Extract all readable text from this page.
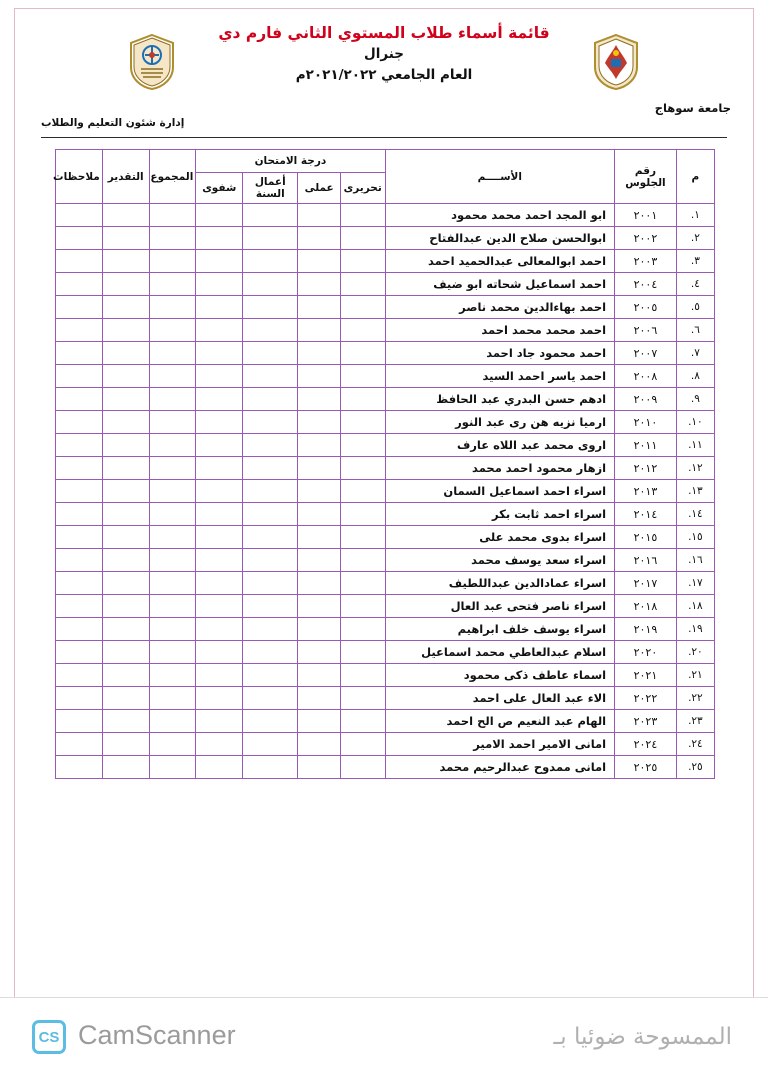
قائمة أسماء طلاب المستوي الثاني فارم دي
جنرال
العام الجامعي ٢٠٢١/٢٠٢٢م
جامعة سوهاج
إدارة شئون التعليم والطلاب
م	رقم الجلوس	الأســــم	درجة الامتحان				المجموع	التقدير	ملاحظات
			تحريرى	عملى	أعمال السنة	شفوى			
١.	٢٠٠١	ابو المجد احمد محمد محمود							
٢.	٢٠٠٢	ابوالحسن صلاح الدين عبدالفتاح							
٣.	٢٠٠٣	احمد ابوالمعالى عبدالحميد احمد							
٤.	٢٠٠٤	احمد اسماعيل شحاته ابو ضيف							
٥.	٢٠٠٥	احمد بهاءالدين محمد ناصر							
٦.	٢٠٠٦	احمد محمد محمد احمد							
٧.	٢٠٠٧	احمد محمود جاد احمد							
٨.	٢٠٠٨	احمد ياسر احمد السيد							
٩.	٢٠٠٩	ادهم حسن البدري عبد الحافظ							
١٠.	٢٠١٠	ارميا نزيه هن رى عبد النور							
١١.	٢٠١١	اروى محمد عبد اللاه عارف							
١٢.	٢٠١٢	ازهار محمود احمد محمد							
١٣.	٢٠١٣	اسراء احمد اسماعيل السمان							
١٤.	٢٠١٤	اسراء احمد ثابت بكر							
١٥.	٢٠١٥	اسراء بدوى محمد على							
١٦.	٢٠١٦	اسراء سعد يوسف محمد							
١٧.	٢٠١٧	اسراء عمادالدين عبداللطيف							
١٨.	٢٠١٨	اسراء ناصر فتحى عبد العال							
١٩.	٢٠١٩	اسراء يوسف خلف ابراهيم							
٢٠.	٢٠٢٠	اسلام عبدالعاطي محمد اسماعيل							
٢١.	٢٠٢١	اسماء عاطف ذكى محمود							
٢٢.	٢٠٢٢	الاء عبد العال على احمد							
٢٣.	٢٠٢٣	الهام عبد النعيم ص الح احمد							
٢٤.	٢٠٢٤	امانى الامير احمد الامير							
٢٥.	٢٠٢٥	امانى ممدوح عبدالرحيم محمد							
CS CamScanner	الممسوحة ضوئيا بـ
